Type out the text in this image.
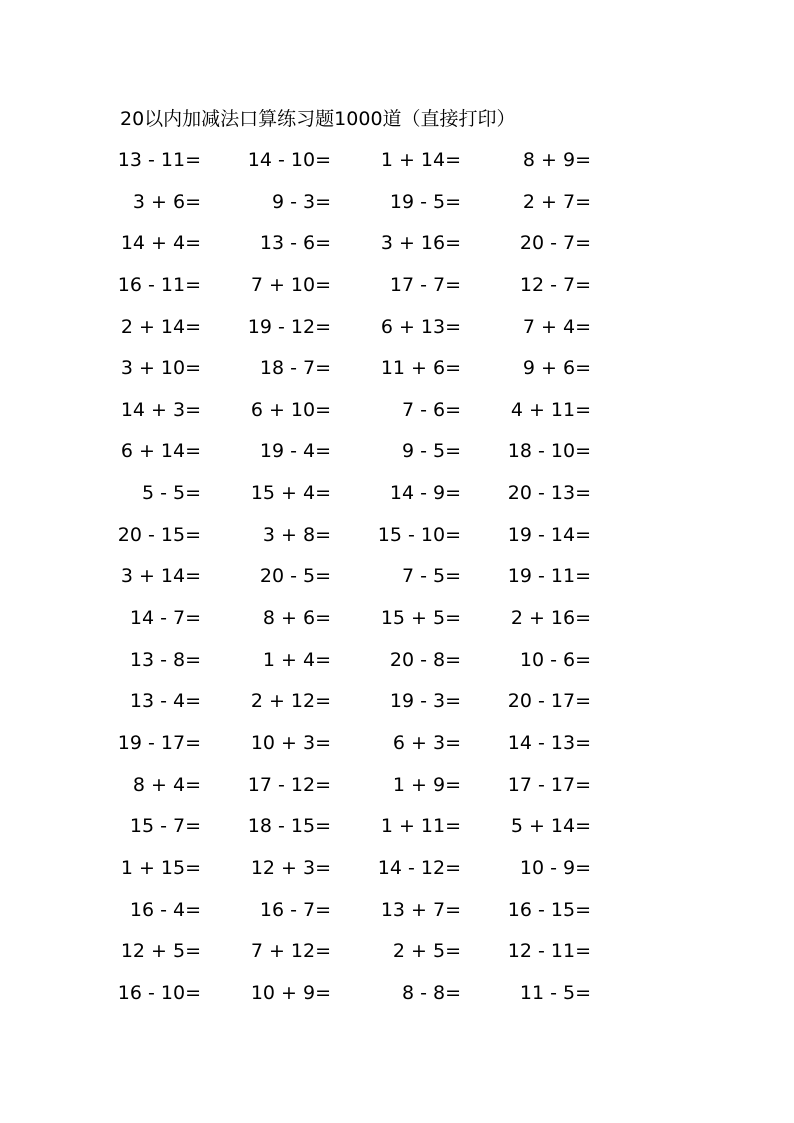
20以内加减法口算练习题1000道（直接打印）
13 - 11=	14 - 10=	1 + 14=	8 + 9=
3 + 6=	9 - 3=	19 - 5=	2 + 7=
14 + 4=	13 - 6=	3 + 16=	20 - 7=
16 - 11=	7 + 10=	17 - 7=	12 - 7=
2 + 14=	19 - 12=	6 + 13=	7 + 4=
3 + 10=	18 - 7=	11 + 6=	9 + 6=
14 + 3=	6 + 10=	7 - 6=	4 + 11=
6 + 14=	19 - 4=	9 - 5=	18 - 10=
5 - 5=	15 + 4=	14 - 9=	20 - 13=
20 - 15=	3 + 8=	15 - 10=	19 - 14=
3 + 14=	20 - 5=	7 - 5=	19 - 11=
14 - 7=	8 + 6=	15 + 5=	2 + 16=
13 - 8=	1 + 4=	20 - 8=	10 - 6=
13 - 4=	2 + 12=	19 - 3=	20 - 17=
19 - 17=	10 + 3=	6 + 3=	14 - 13=
8 + 4=	17 - 12=	1 + 9=	17 - 17=
15 - 7=	18 - 15=	1 + 11=	5 + 14=
1 + 15=	12 + 3=	14 - 12=	10 - 9=
16 - 4=	16 - 7=	13 + 7=	16 - 15=
12 + 5=	7 + 12=	2 + 5=	12 - 11=
16 - 10=	10 + 9=	8 - 8=	11 - 5=
